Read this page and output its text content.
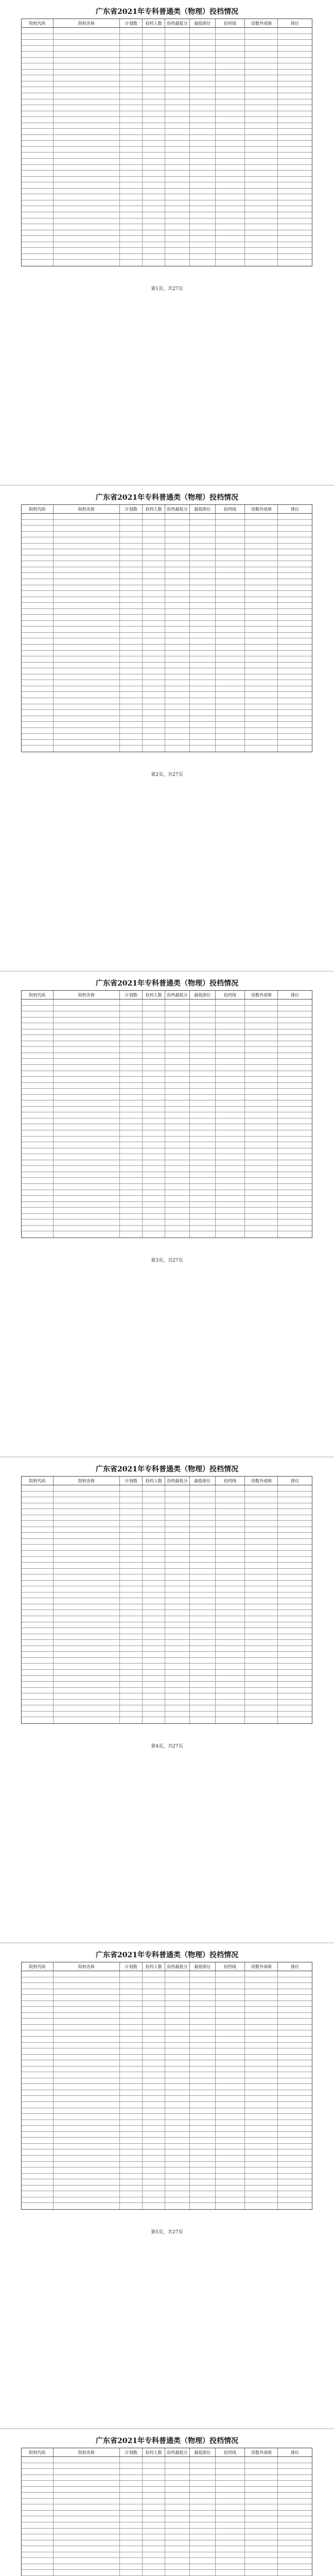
广东省2021年专科普通类（物理）投档情况
院校代码	院校名称	计划数	投档人数	投档最低分	最低排位	投档线	语数外成绩	排位
第1页，共27页
广东省2021年专科普通类（物理）投档情况
院校代码	院校名称	计划数	投档人数	投档最低分	最低排位	投档线	语数外成绩	排位
第2页，共27页
广东省2021年专科普通类（物理）投档情况
院校代码	院校名称	计划数	投档人数	投档最低分	最低排位	投档线	语数外成绩	排位
第3页，共27页
广东省2021年专科普通类（物理）投档情况
院校代码	院校名称	计划数	投档人数	投档最低分	最低排位	投档线	语数外成绩	排位
第4页，共27页
广东省2021年专科普通类（物理）投档情况
院校代码	院校名称	计划数	投档人数	投档最低分	最低排位	投档线	语数外成绩	排位
第5页，共27页
广东省2021年专科普通类（物理）投档情况
院校代码	院校名称	计划数	投档人数	投档最低分	最低排位	投档线	语数外成绩	排位
